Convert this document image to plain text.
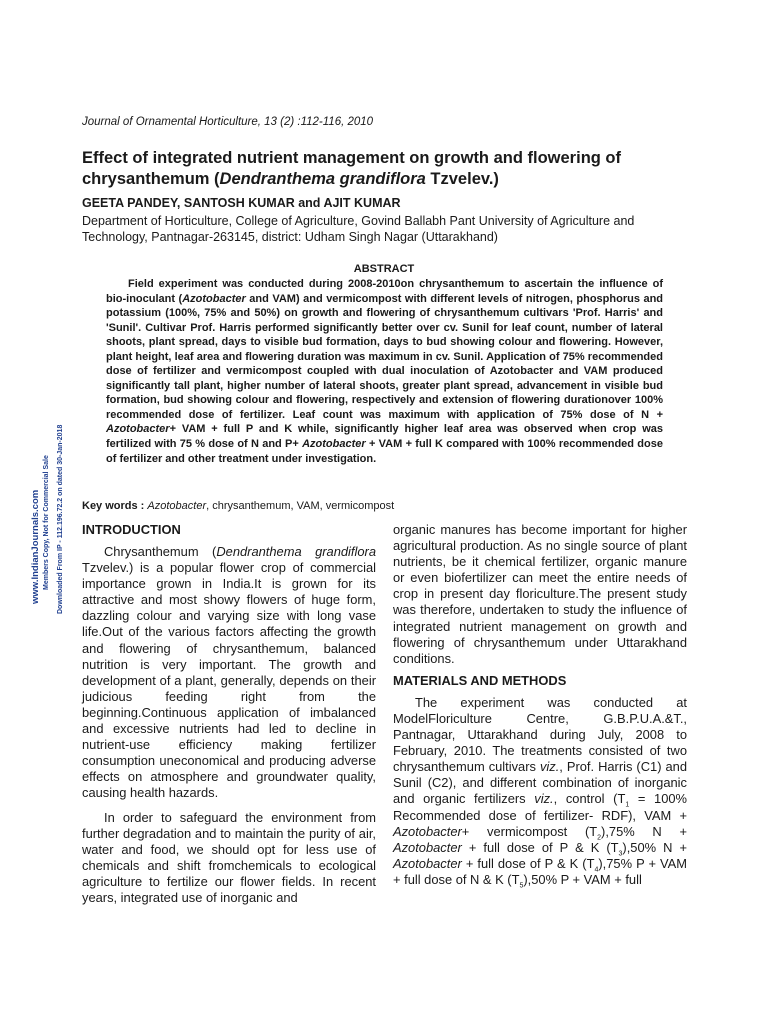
Journal of Ornamental Horticulture, 13 (2) :112-116, 2010
Effect of integrated nutrient management on growth and flowering of chrysanthemum (Dendranthema grandiflora Tzvelev.)
GEETA PANDEY, SANTOSH KUMAR and AJIT KUMAR
Department of Horticulture, College of Agriculture, Govind Ballabh Pant University of Agriculture and Technology, Pantnagar-263145, district: Udham Singh Nagar (Uttarakhand)
ABSTRACT

Field experiment was conducted during 2008-2010on chrysanthemum to ascertain the influence of bio-inoculant (Azotobacter and VAM) and vermicompost with different levels of nitrogen, phosphorus and potassium (100%, 75% and 50%) on growth and flowering of chrysanthemum cultivars 'Prof. Harris' and 'Sunil'. Cultivar Prof. Harris performed significantly better over cv. Sunil for leaf count, number of lateral shoots, plant spread, days to visible bud formation, days to bud showing colour and flowering. However, plant height, leaf area and flowering duration was maximum in cv. Sunil. Application of 75% recommended dose of fertilizer and vermicompost coupled with dual inoculation of Azotobacter and VAM produced significantly tall plant, higher number of lateral shoots, greater plant spread, advancement in visible bud formation, bud showing colour and flowering, respectively and extension of flowering durationover 100% recommended dose of fertilizer. Leaf count was maximum with application of 75% dose of N + Azotobacter+ VAM + full P and K while, significantly higher leaf area was observed when crop was fertilized with 75 % dose of N and P+ Azotobacter + VAM + full K compared with 100% recommended dose of fertilizer and other treatment under investigation.

Key words : Azotobacter, chrysanthemum, VAM, vermicompost
INTRODUCTION

Chrysanthemum (Dendranthema grandiflora Tzvelev.) is a popular flower crop of commercial importance grown in India.It is grown for its attractive and most showy flowers of huge form, dazzling colour and varying size with long vase life.Out of the various factors affecting the growth and flowering of chrysanthemum, balanced nutrition is very important. The growth and development of a plant, generally, depends on their judicious feeding right from the beginning.Continuous application of imbalanced and excessive nutrients had led to decline in nutrient-use efficiency making fertilizer consumption uneconomical and producing adverse effects on atmosphere and groundwater quality, causing health hazards.

In order to safeguard the environment from further degradation and to maintain the purity of air, water and food, we should opt for less use of chemicals and shift fromchemicals to ecological agriculture to fertilize our flower fields. In recent years, integrated use of inorganic and

organic manures has become important for higher agricultural production. As no single source of plant nutrients, be it chemical fertilizer, organic manure or even biofertilizer can meet the entire needs of crop in present day floriculture.The present study was therefore, undertaken to study the influence of integrated nutrient management on growth and flowering of chrysanthemum under Uttarakhand conditions.

MATERIALS AND METHODS

The experiment was conducted at ModelFloriculture Centre, G.B.P.U.A.&T., Pantnagar, Uttarakhand during July, 2008 to February, 2010. The treatments consisted of two chrysanthemum cultivars viz., Prof. Harris (C1) and Sunil (C2), and different combination of inorganic and organic fertilizers viz., control ($T_1 = 100\%$ Recommended dose of fertilizer- RDF), VAM + Azotobacter+ vermicompost $(T_2),75\%$ N + Azotobacter + full dose of P & K $(T_3),50\%$ N + Azotobacter + full dose of P & K $(T_4),75\%$ P + VAM + full dose of N & K $(T_5),50\%$ P + VAM + full

www.IndianJournals.com Members Copy, Not for Commercial Sale Downloaded From IP - 112.196.72.2 on dated 30-Jan-2018
